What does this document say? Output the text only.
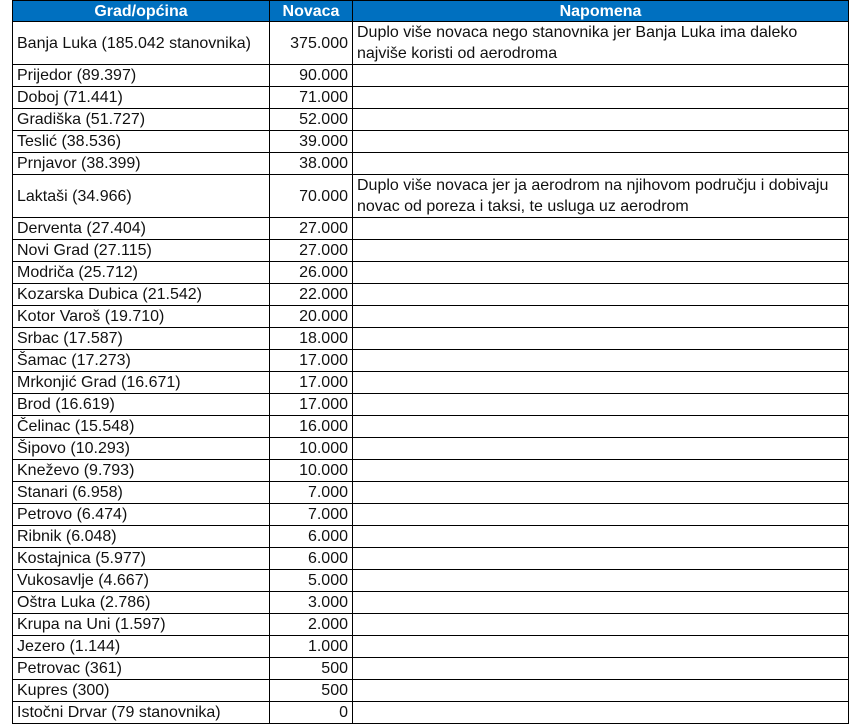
Grad/općina	Novaca	Napomena
Banja Luka (185.042 stanovnika)	375.000	Duplo više novaca nego stanovnika jer Banja Luka ima daleko najviše koristi od aerodroma
Prijedor (89.397)	90.000	
Doboj (71.441)	71.000	
Gradiška (51.727)	52.000	
Teslić (38.536)	39.000	
Prnjavor (38.399)	38.000	
Laktaši (34.966)	70.000	Duplo više novaca jer ja aerodrom na njihovom području i dobivaju novac od poreza i taksi, te usluga uz aerodrom
Derventa (27.404)	27.000	
Novi Grad (27.115)	27.000	
Modriča (25.712)	26.000	
Kozarska Dubica (21.542)	22.000	
Kotor Varoš (19.710)	20.000	
Srbac (17.587)	18.000	
Šamac (17.273)	17.000	
Mrkonjić Grad (16.671)	17.000	
Brod (16.619)	17.000	
Čelinac (15.548)	16.000	
Šipovo (10.293)	10.000	
Kneževo (9.793)	10.000	
Stanari (6.958)	7.000	
Petrovo (6.474)	7.000	
Ribnik (6.048)	6.000	
Kostajnica (5.977)	6.000	
Vukosavlje (4.667)	5.000	
Oštra Luka (2.786)	3.000	
Krupa na Uni (1.597)	2.000	
Jezero (1.144)	1.000	
Petrovac (361)	500	
Kupres (300)	500	
Istočni Drvar (79 stanovnika)	0	
